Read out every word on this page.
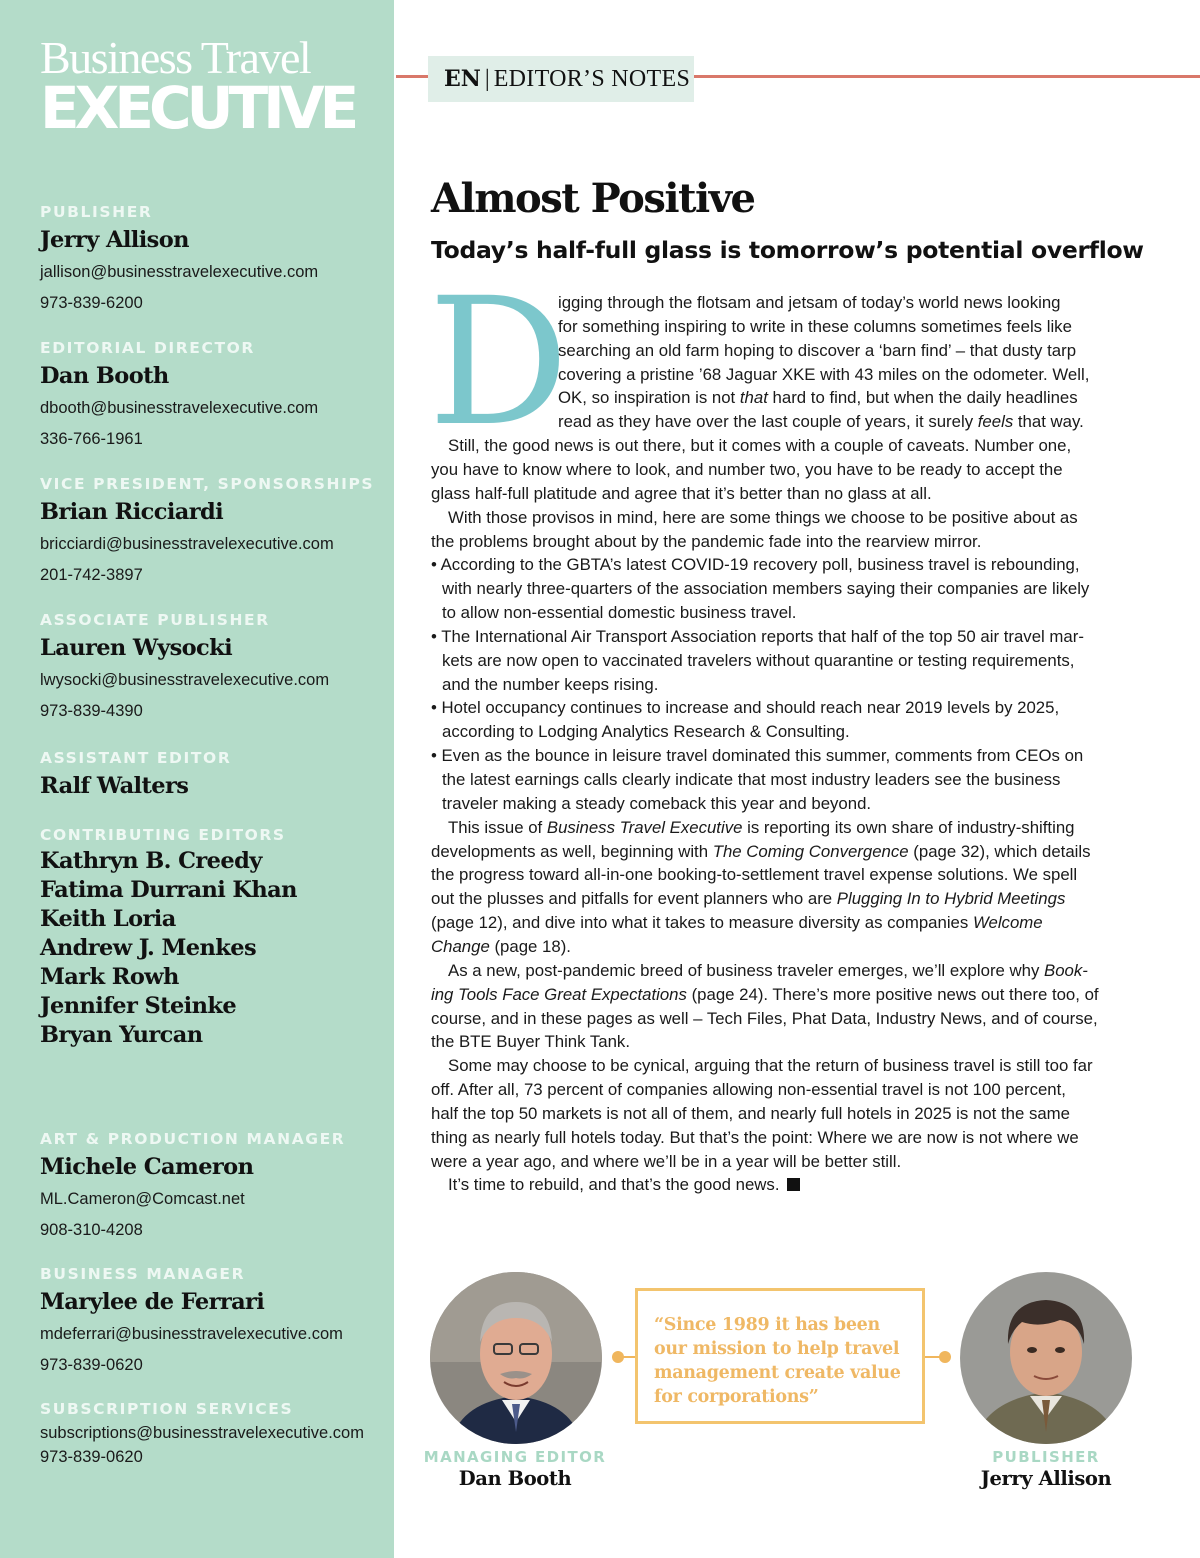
Business Travel
EXECUTIVE
PUBLISHER
Jerry Allison
jallison@businesstravelexecutive.com
973-839-6200
EDITORIAL DIRECTOR
Dan Booth
dbooth@businesstravelexecutive.com
336-766-1961
VICE PRESIDENT, SPONSORSHIPS
Brian Ricciardi
bricciardi@businesstravelexecutive.com
201-742-3897
ASSOCIATE PUBLISHER
Lauren Wysocki
lwysocki@businesstravelexecutive.com
973-839-4390
ASSISTANT EDITOR
Ralf Walters
CONTRIBUTING EDITORS
Kathryn B. Creedy
Fatima Durrani Khan
Keith Loria
Andrew J. Menkes
Mark Rowh
Jennifer Steinke
Bryan Yurcan
ART & PRODUCTION MANAGER
Michele Cameron
ML.Cameron@Comcast.net
908-310-4208
BUSINESS MANAGER
Marylee de Ferrari
mdeferrari@businesstravelexecutive.com
973-839-0620
SUBSCRIPTION SERVICES
subscriptions@businesstravelexecutive.com
973-839-0620
EN | EDITOR’S NOTES
Almost Positive
Today’s half-full glass is tomorrow’s potential overflow
D
igging through the flotsam and jetsam of today’s world news looking
for something inspiring to write in these columns sometimes feels like
searching an old farm hoping to discover a ‘barn find’ – that dusty tarp
covering a pristine ’68 Jaguar XKE with 43 miles on the odometer. Well,
OK, so inspiration is not that hard to find, but when the daily headlines
read as they have over the last couple of years, it surely feels that way.
Still, the good news is out there, but it comes with a couple of caveats. Number one,
you have to know where to look, and number two, you have to be ready to accept the
glass half-full platitude and agree that it’s better than no glass at all.
With those provisos in mind, here are some things we choose to be positive about as
the problems brought about by the pandemic fade into the rearview mirror.
• According to the GBTA’s latest COVID-19 recovery poll, business travel is rebounding,
with nearly three-quarters of the association members saying their companies are likely
to allow non-essential domestic business travel.
• The International Air Transport Association reports that half of the top 50 air travel mar-
kets are now open to vaccinated travelers without quarantine or testing requirements,
and the number keeps rising.
• Hotel occupancy continues to increase and should reach near 2019 levels by 2025,
according to Lodging Analytics Research & Consulting.
• Even as the bounce in leisure travel dominated this summer, comments from CEOs on
the latest earnings calls clearly indicate that most industry leaders see the business
traveler making a steady comeback this year and beyond.
This issue of Business Travel Executive is reporting its own share of industry-shifting
developments as well, beginning with The Coming Convergence (page 32), which details
the progress toward all-in-one booking-to-settlement travel expense solutions. We spell
out the plusses and pitfalls for event planners who are Plugging In to Hybrid Meetings
(page 12), and dive into what it takes to measure diversity as companies Welcome
Change (page 18).
As a new, post-pandemic breed of business traveler emerges, we’ll explore why Book-
ing Tools Face Great Expectations (page 24). There’s more positive news out there too, of
course, and in these pages as well – Tech Files, Phat Data, Industry News, and of course,
the BTE Buyer Think Tank.
Some may choose to be cynical, arguing that the return of business travel is still too far
off. After all, 73 percent of companies allowing non-essential travel is not 100 percent,
half the top 50 markets is not all of them, and nearly full hotels in 2025 is not the same
thing as nearly full hotels today. But that’s the point: Where we are now is not where we
were a year ago, and where we’ll be in a year will be better still.
It’s time to rebuild, and that’s the good news.
“Since 1989 it has been our mission to help travel management create value for corporations”
MANAGING EDITOR
Dan Booth
PUBLISHER
Jerry Allison
